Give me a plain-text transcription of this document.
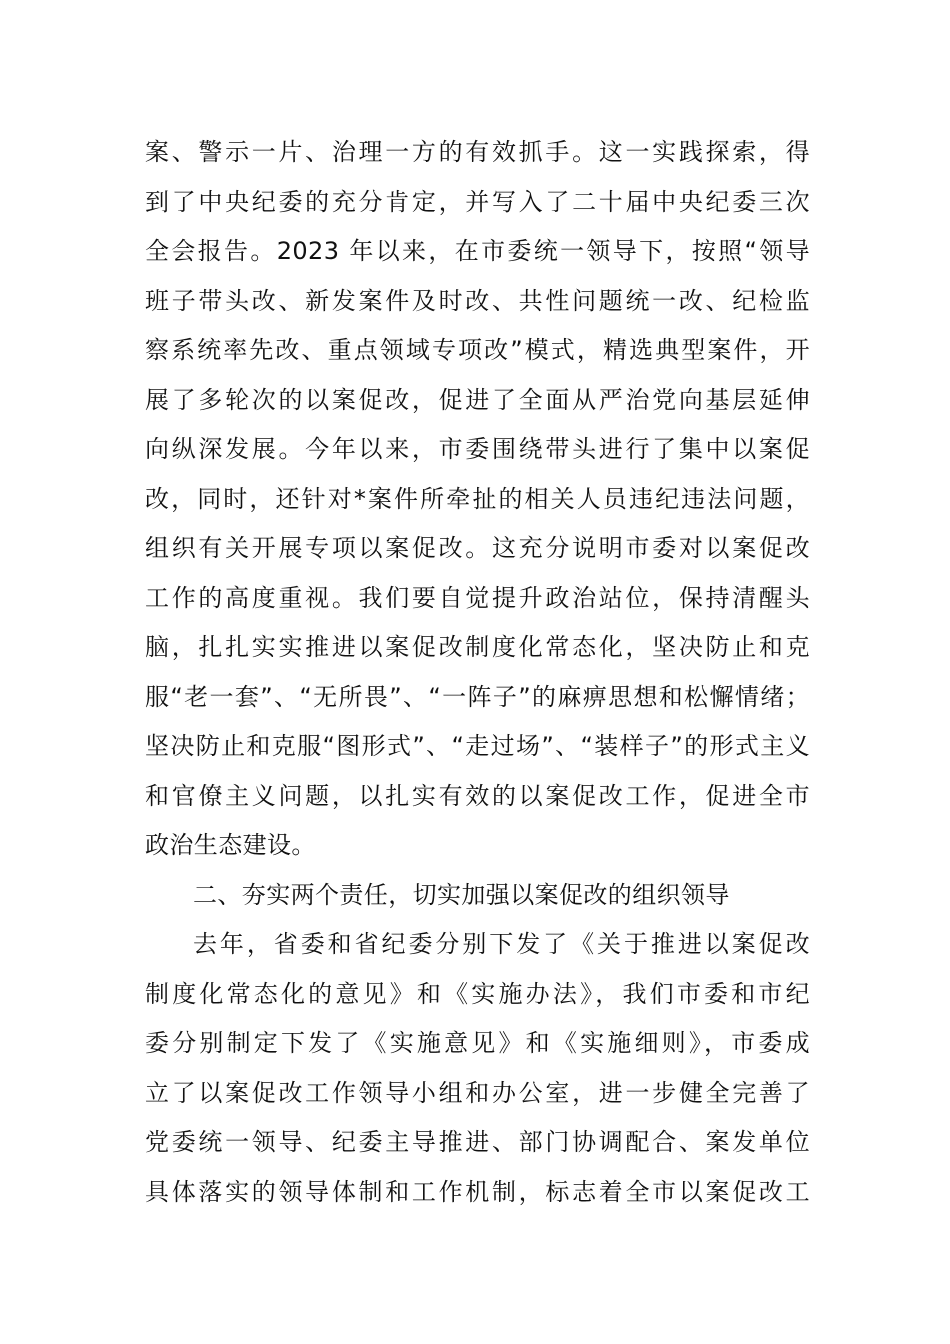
案、警示一片、治理一方的有效抓手。这一实践探索，得
到了中央纪委的充分肯定，并写入了二十届中央纪委三次
全会报告。2023 年以来，在市委统一领导下，按照“领导
班子带头改、新发案件及时改、共性问题统一改、纪检监
察系统率先改、重点领域专项改”模式，精选典型案件，开
展了多轮次的以案促改，促进了全面从严治党向基层延伸
向纵深发展。今年以来，市委围绕带头进行了集中以案促
改，同时，还针对*案件所牵扯的相关人员违纪违法问题，
组织有关开展专项以案促改。这充分说明市委对以案促改
工作的高度重视。我们要自觉提升政治站位，保持清醒头
脑，扎扎实实推进以案促改制度化常态化，坚决防止和克
服“老一套”、“无所畏”、“一阵子”的麻痹思想和松懈情绪；
坚决防止和克服“图形式”、“走过场”、“装样子”的形式主义
和官僚主义问题，以扎实有效的以案促改工作，促进全市
政治生态建设。
二、夯实两个责任，切实加强以案促改的组织领导
去年，省委和省纪委分别下发了《关于推进以案促改
制度化常态化的意见》和《实施办法》，我们市委和市纪
委分别制定下发了《实施意见》和《实施细则》，市委成
立了以案促改工作领导小组和办公室，进一步健全完善了
党委统一领导、纪委主导推进、部门协调配合、案发单位
具体落实的领导体制和工作机制，标志着全市以案促改工
